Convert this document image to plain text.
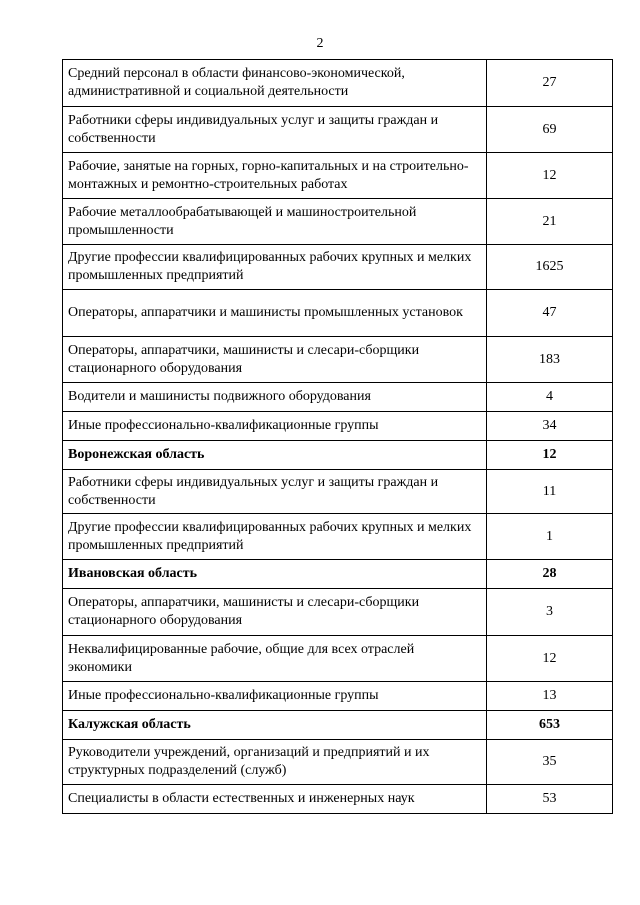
2
Средний персонал в области финансово-экономической, административной и социальной деятельности	27
Работники сферы индивидуальных услуг и защиты граждан и собственности	69
Рабочие, занятые на горных, горно-капитальных и на строительно-монтажных и ремонтно-строительных работах	12
Рабочие металлообрабатывающей и машиностроительной промышленности	21
Другие профессии квалифицированных рабочих крупных и мелких промышленных предприятий	1625
Операторы, аппаратчики и машинисты промышленных установок	47
Операторы, аппаратчики, машинисты и слесари-сборщики стационарного оборудования	183
Водители и машинисты подвижного оборудования	4
Иные профессионально-квалификационные группы	34
Воронежская область	12
Работники сферы индивидуальных услуг и защиты граждан и собственности	11
Другие профессии квалифицированных рабочих крупных и мелких промышленных предприятий	1
Ивановская область	28
Операторы, аппаратчики, машинисты и слесари-сборщики стационарного оборудования	3
Неквалифицированные рабочие, общие для всех отраслей экономики	12
Иные профессионально-квалификационные группы	13
Калужская область	653
Руководители учреждений, организаций и предприятий и их структурных подразделений (служб)	35
Специалисты в области естественных и инженерных наук	53
